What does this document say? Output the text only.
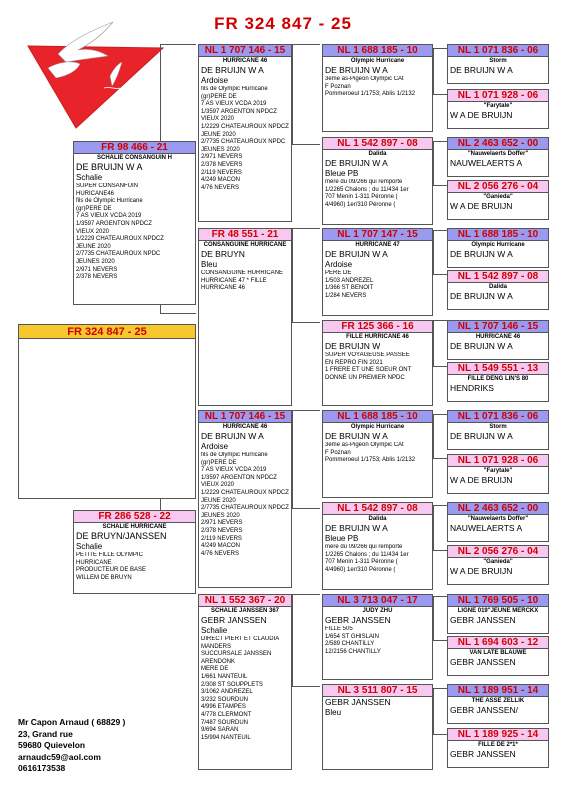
FR 324 847 - 25
FR 324 847 - 25
FR 98 466 - 21
SCHALIE CONSANGUIN H
DE BRUIJN W A
Schalie
SUPER CONSANFUIN
HURICANE46
fils de Olympic Hurricane
(gr)PERE DE
7 AS VIEUX VCDA 2019
1/3597 ARGENTON NPDCZ
VIEUX 2020
1/2229 CHATEAUROUX NPDCZ
JEUNE 2020
2/7735 CHATEAUROUX NPDC
JEUNES 2020
2/971 NEVERS
2/378 NEVERS
FR 286 528 - 22
SCHALIE HURRICANE
DE BRUYN/JANSSEN
Schalie
PETITE FILLE OLYMPIC
HURRICANE
PRODUCTEUR DE BASE
WILLEM DE BRUYN
NL 1 707 146 - 15
HURRICANE 46
DE BRUIJN W A
Ardoise
fils de Olympic Hurricane
(gr)PERE DE
7 AS VIEUX VCDA 2019
1/3597 ARGENTON NPDCZ
VIEUX 2020
1/2229 CHATEAUROUX NPDCZ
JEUNE 2020
2/7735 CHATEAUROUX NPDC
JEUNES 2020
2/971 NEVERS
2/378 NEVERS
2/119 NEVERS
4/249 MACON
4/76 NEVERS
FR 48 551 - 21
CONSANGUINE HURRICANE
DE BRUYN
Bleu
CONSANGUINE HURRICANE
HURRICANE 47 * FILLE
HURRICANE 46
NL 1 707 146 - 15
HURRICANE 46
DE BRUIJN W A
Ardoise
fils de Olympic Hurricane
(gr)PERE DE
7 AS VIEUX VCDA 2019
1/3597 ARGENTON NPDCZ
VIEUX 2020
1/2229 CHATEAUROUX NPDCZ
JEUNE 2020
2/7735 CHATEAUROUX NPDCZ
JEUNES 2020
2/971 NEVERS
2/378 NEVERS
2/119 NEVERS
4/249 MACON
4/76 NEVERS
NL 1 552 367 - 20
SCHALIE JANSSEN 367
GEBR JANSSEN
Schalie
DIRECT PIERT ET CLAUDIA
MANDERS
SUCCURSALE JANSSEN
ARENDONK
MERE DE
1/661 NANTEUIL
2/308 ST SOUPPLETS
3/1062 ANDREZEL
3/232 SOURDUN
4/996 ETAMPES
4/778 CLERMONT
7/487 SOURDUN
9/694 SARAN
15/994 NANTEUIL
NL 1 688 185 - 10
Olympic Hurricane
DE BRUIJN W A
3ème as-Pigeon Olympic CAt
F Poznan
Pommeroeul 1/1753; Ablis 1/2132
NL 1 542 897 - 08
Dalida
DE BRUIJN W A
Bleue PB
mère du 09/266 qui remporte
1/2265 Chalons ; du 11/434 1er
707 Menin 1-311 Péronne (
4/4960) 1er/310 Péronne (
NL 1 707 147 - 15
HURRICANE 47
DE BRUIJN W A
Ardoise
PERE DE
1/503 ANDREZEL
1/366 ST BENOIT
1/284 NEVERS
FR 125 366 - 16
FILLE HURRICANE 46
DE BRUIJN W
SUPER VOYAGEUSE PASSEE
EN REPRO FIN 2021
1 FRERE ET UNE SOEUR ONT
DONNE UN PREMIER NPDC
NL 1 688 185 - 10
Olympic Hurricane
DE BRUIJN W A
3ème as-Pigeon Olympic CAt
F Poznan
Pommeroeul 1/1753; Ablis 1/2132
NL 1 542 897 - 08
Dalida
DE BRUIJN W A
Bleue PB
mère du 09/266 qui remporte
1/2265 Chalons ; du 11/434 1er
707 Menin 1-311 Péronne (
4/4960) 1er/310 Péronne (
NL 3 713 047 - 17
JUDY ZHU
GEBR JANSSEN
FILLE 505
1/654 ST GHISLAIN
2/589 CHANTILLY
12/2156 CHANTILLY
NL 3 511 807 - 15
GEBR JANSSEN
Bleu
NL 1 071 836 - 06
Storm
DE BRUIJN W A
NL 1 071 928 - 06
"Farytale"
W A DE BRUIJN
NL 2 463 652 - 00
"Nauwelaerts Doffer"
NAUWELAERTS A
NL 2 056 276 - 04
"Ganieda"
W A DE BRUIJN
NL 1 688 185 - 10
Olympic Hurricane
DE BRUIJN W A
NL 1 542 897 - 08
Dalida
DE BRUIJN W A
NL 1 707 146 - 15
HURRICANE 46
DE BRUIJN W A
NL 1 549 551 - 13
FILLE DENG LIN'S 80
HENDRIKS
NL 1 071 836 - 06
Storm
DE BRUIJN W A
NL 1 071 928 - 06
"Farytale"
W A DE BRUIJN
NL 2 463 652 - 00
"Nauwelaerts Doffer"
NAUWELAERTS A
NL 2 056 276 - 04
"Ganieda"
W A DE BRUIJN
NL 1 769 505 - 10
LIGNE 019"JEUNE MERCKX
GEBR JANSSEN
NL 1 694 603 - 12
VAN LATE BLAUWE
GEBR JANSSEN
NL 1 189 951 - 14
THE ASSE ZELLIK
GEBR JANSSEN/
NL 1 189 925 - 14
FILLE DE 2*1*
GEBR JANSSEN
Mr Capon Arnaud ( 68829 )
23, Grand rue
59680 Quievelon
arnaudc59@aol.com
0616173538
